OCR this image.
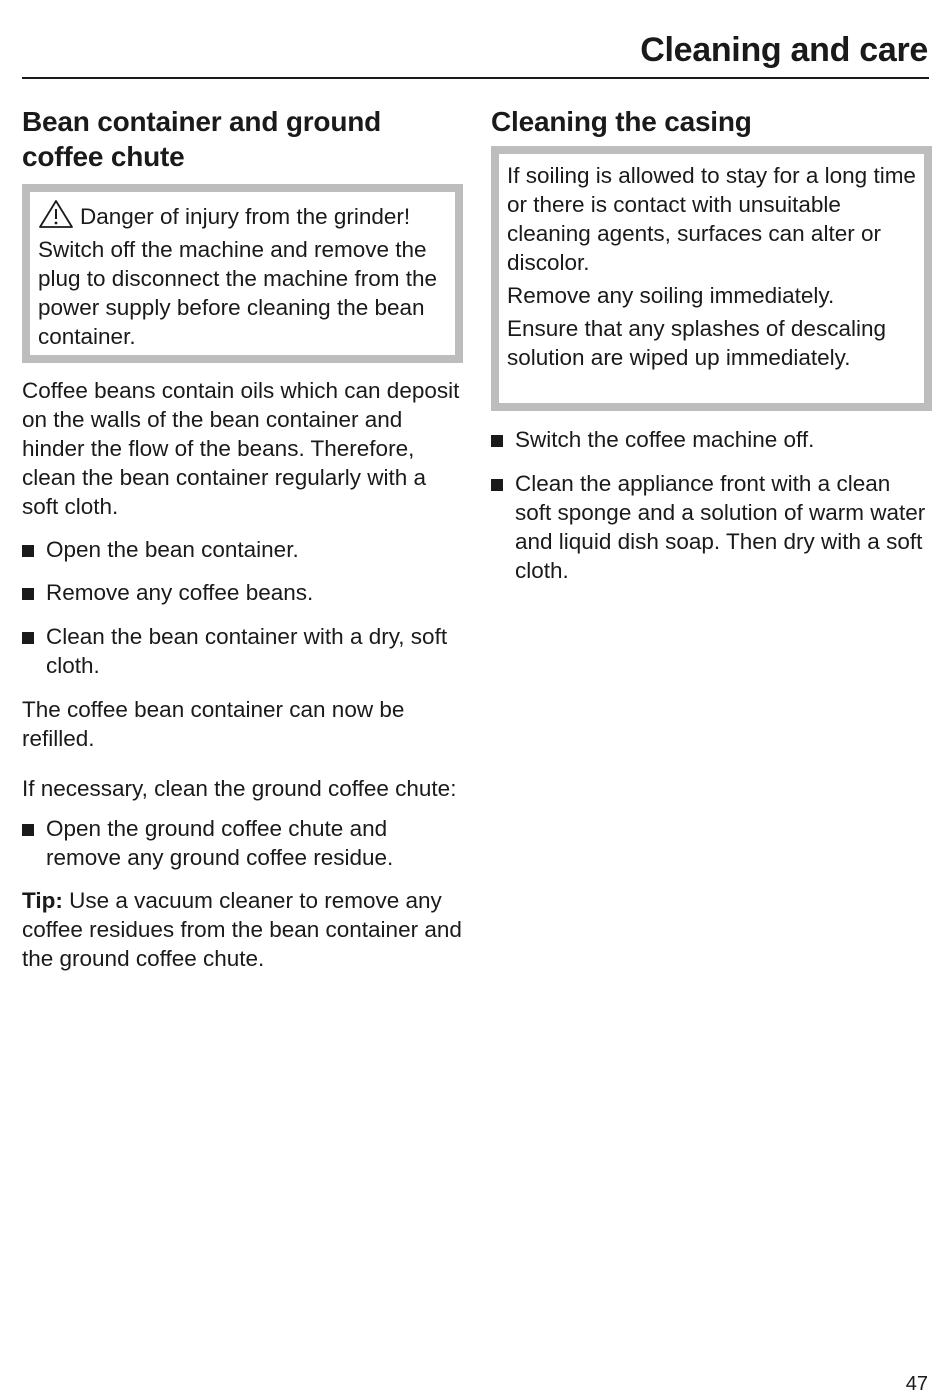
Cleaning and care
Bean container and ground coffee chute

Danger of injury from the grinder!

Switch off the machine and remove the plug to disconnect the machine from the power supply before cleaning the bean container.

Coffee beans contain oils which can deposit on the walls of the bean container and hinder the flow of the beans. Therefore, clean the bean container regularly with a soft cloth.

Open the bean container.
Remove any coffee beans.
Clean the bean container with a dry, soft cloth.

The coffee bean container can now be refilled.

If necessary, clean the ground coffee chute:

Open the ground coffee chute and remove any ground coffee residue.

Tip: Use a vacuum cleaner to remove any coffee residues from the bean container and the ground coffee chute.

Cleaning the casing

If soiling is allowed to stay for a long time or there is contact with unsuitable cleaning agents, surfaces can alter or discolor.

Remove any soiling immediately.

Ensure that any splashes of descaling solution are wiped up immediately.

Switch the coffee machine off.
Clean the appliance front with a clean soft sponge and a solution of warm water and liquid dish soap. Then dry with a soft cloth.
47
